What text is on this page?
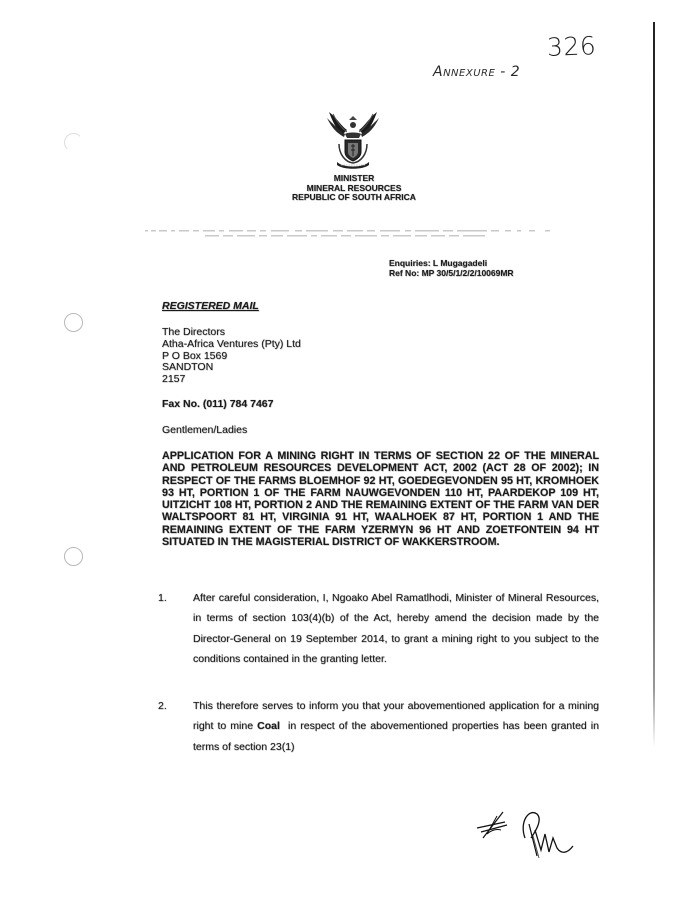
326
Annexure - 2
MINISTER
MINERAL RESOURCES
REPUBLIC OF SOUTH AFRICA
Enquiries: L Mugagadeli
Ref No: MP 30/5/1/2/2/10069MR
REGISTERED MAIL
The Directors
Atha-Africa Ventures (Pty) Ltd
P O Box 1569
SANDTON
2157
Fax No. (011) 784 7467
Gentlemen/Ladies
APPLICATION FOR A MINING RIGHT IN TERMS OF SECTION 22 OF THE MINERAL AND PETROLEUM RESOURCES DEVELOPMENT ACT, 2002 (ACT 28 OF 2002); IN RESPECT OF THE FARMS BLOEMHOF 92 HT, GOEDEGEVONDEN 95 HT, KROMHOEK 93 HT, PORTION 1 OF THE FARM NAUWGEVONDEN 110 HT, PAARDEKOP 109 HT, UITZICHT 108 HT, PORTION 2 AND THE REMAINING EXTENT OF THE FARM VAN DER WALTSPOORT 81 HT, VIRGINIA 91 HT, WAALHOEK 87 HT, PORTION 1 AND THE REMAINING EXTENT OF THE FARM YZERMYN 96 HT AND ZOETFONTEIN 94 HT SITUATED IN THE MAGISTERIAL DISTRICT OF WAKKERSTROOM.
1.	After careful consideration, I, Ngoako Abel Ramatlhodi, Minister of Mineral Resources, in terms of section 103(4)(b) of the Act, hereby amend the decision made by the Director-General on 19 September 2014, to grant a mining right to you subject to the conditions contained in the granting letter.
2.	This therefore serves to inform you that your abovementioned application for a mining right to mine Coal  in respect of the abovementioned properties has been granted in terms of section 23(1)
